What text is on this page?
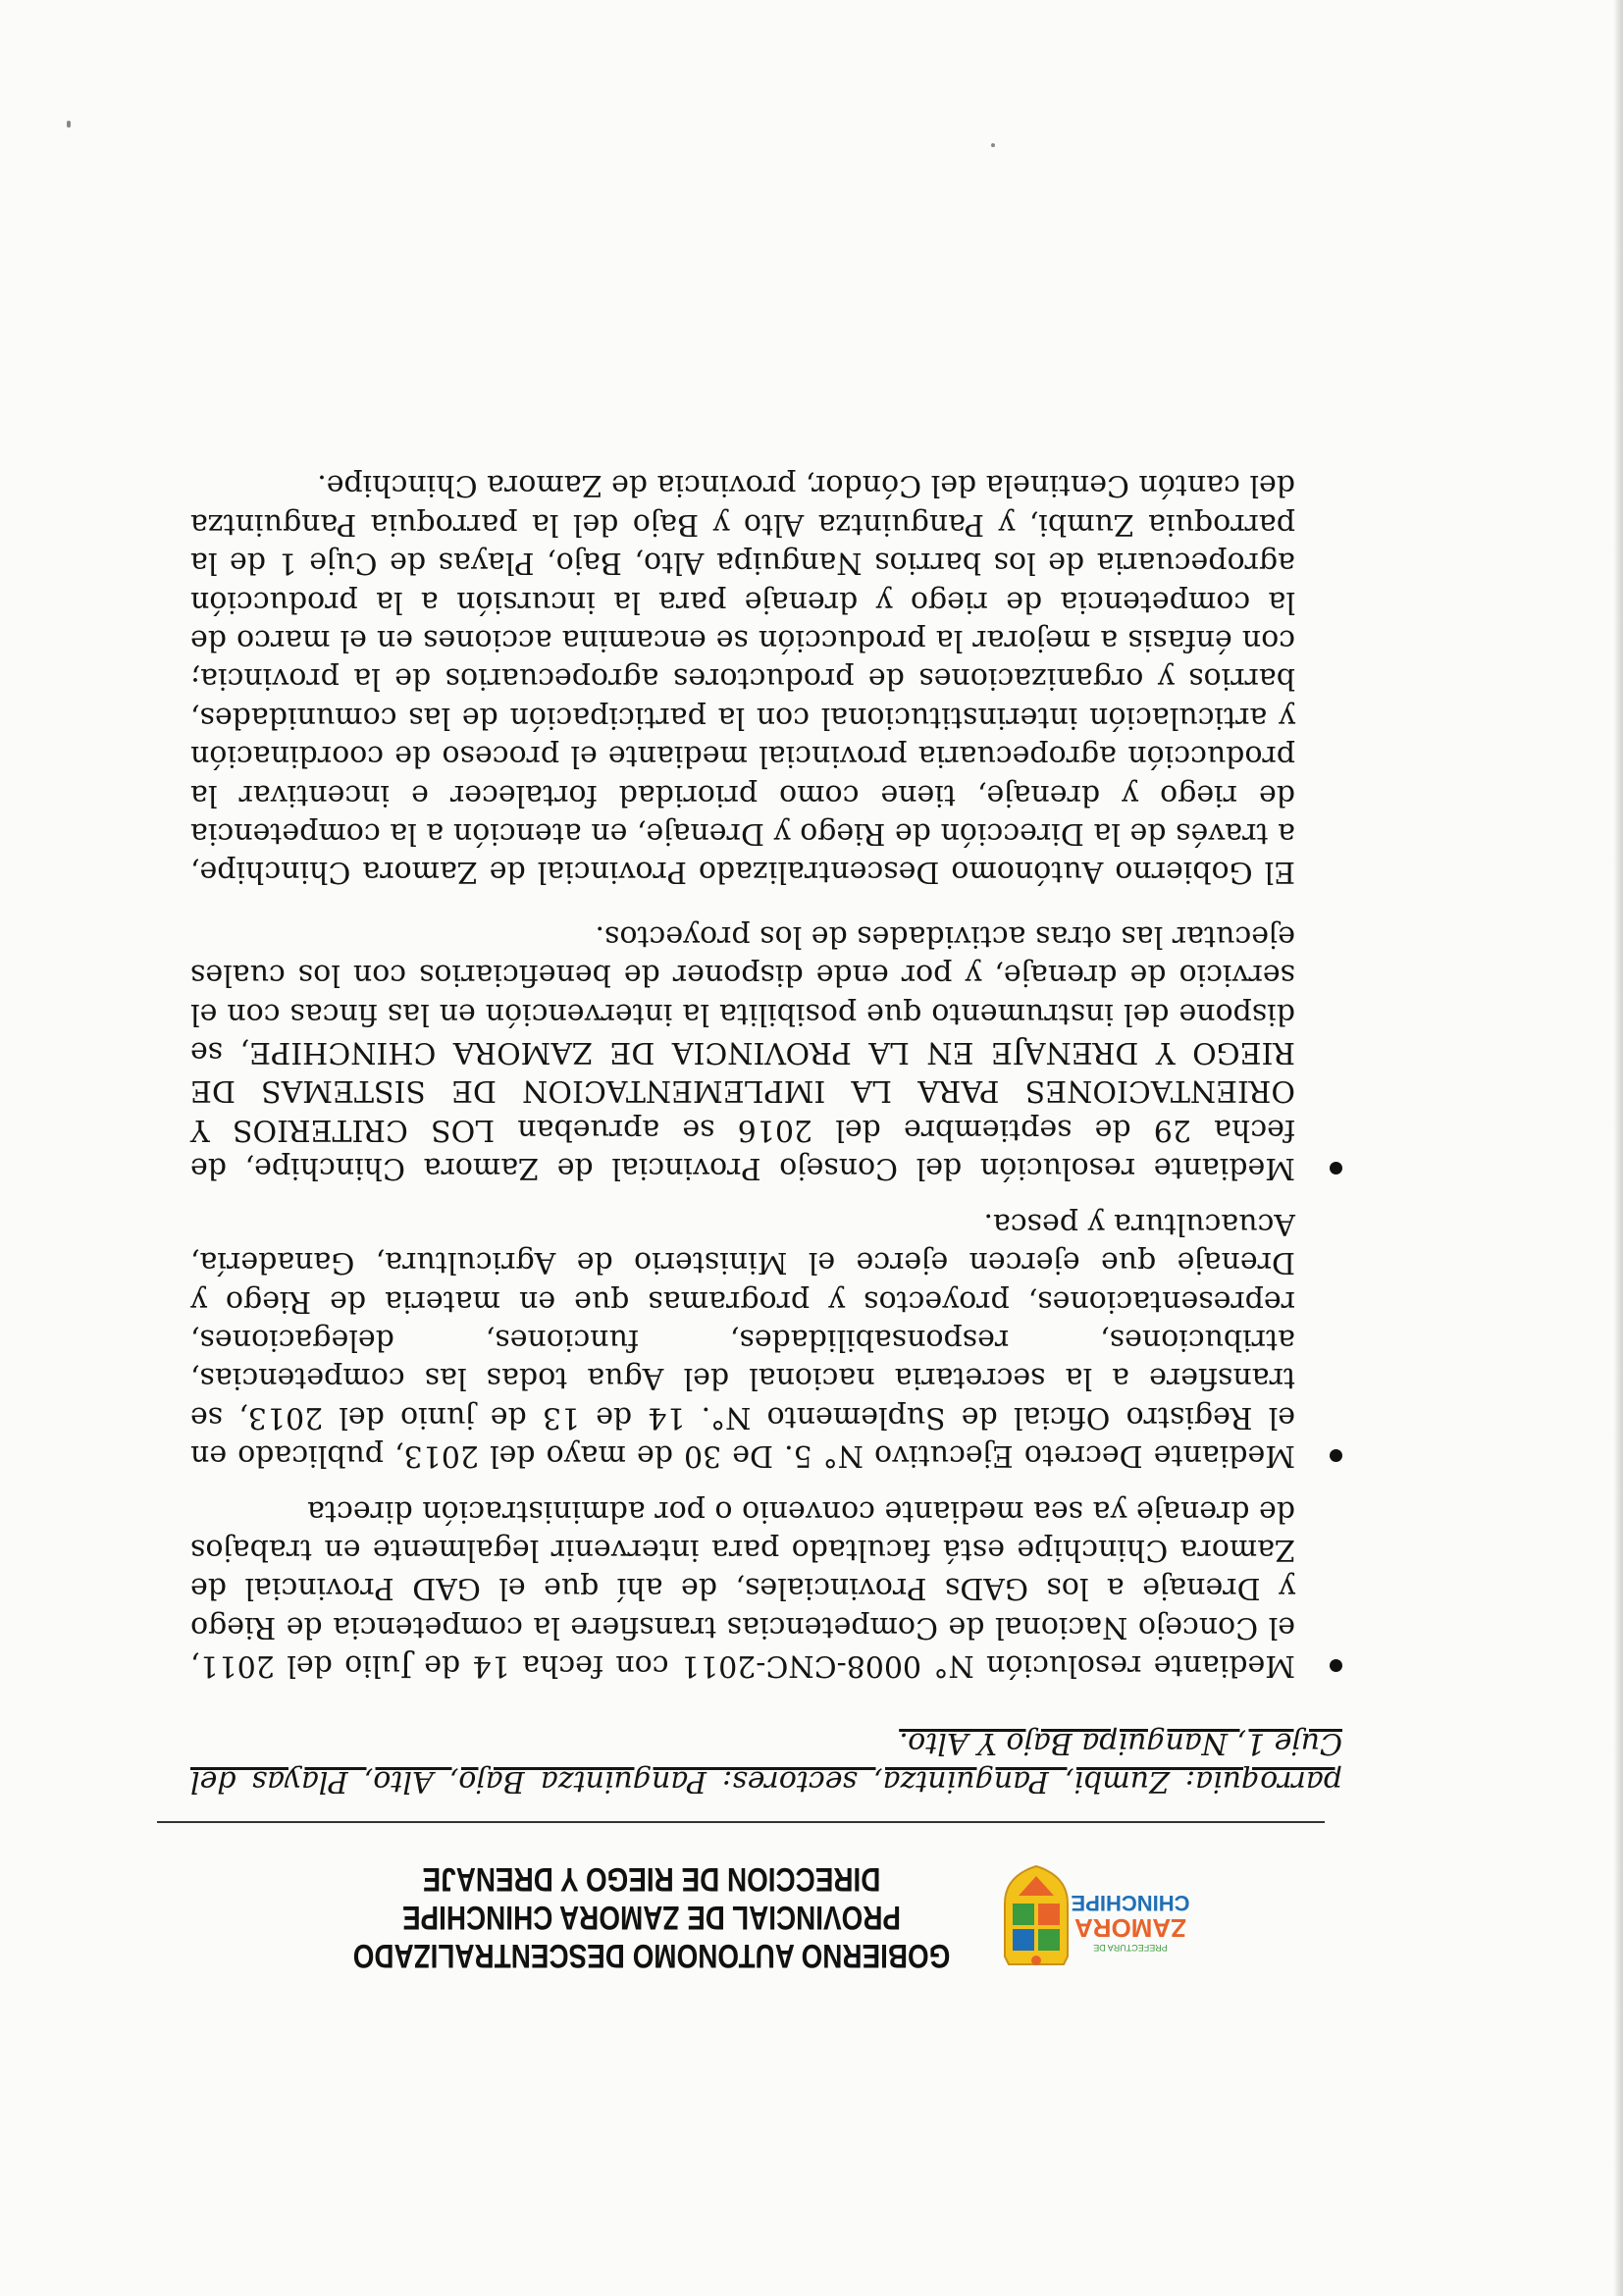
PREFECTURA DE
ZAMORA
CHINCHIPE
GOBIERNO AUTONOMO DESCENTRALIZADO
PROVINCIAL DE ZAMORA CHINCHIPE
DIRECCION DE RIEGO Y DRENAJE
parroquia: Zumbi, Panguintza, sectores: Panguintza Bajo, Alto, Playas del Cuje 1, Nanguipa Bajo Y Alto.
Mediante resolución N° 0008-CNC-2011 con fecha 14 de Julio del 2011, el Concejo Nacional de Competencias transfiere la competencia de Riego y Drenaje a los GADs Provinciales, de ahí que el GAD Provincial de Zamora Chinchipe está facultado para intervenir legalmente en trabajos de drenaje ya sea mediante convenio o por administración directa
Mediante Decreto Ejecutivo N° 5. De 30 de mayo del 2013, publicado en el Registro Oficial de Suplemento N°. 14 de 13 de junio del 2013, se transfiere a la secretaria nacional del Agua todas las competencias, atribuciones, responsabilidades, funciones, delegaciones, representaciones, proyectos y programas que en materia de Riego y Drenaje que ejercen ejerce el Ministerio de Agricultura, Ganadería, Acuacultura y pesca.
Mediante resolución del Consejo Provincial de Zamora Chinchipe, de fecha 29 de septiembre del 2016 se aprueban LOS CRITERIOS Y ORIENTACIONES PARA LA IMPLEMENTACION DE SISTEMAS DE RIEGO Y DRENAJE EN LA PROVINCIA DE ZAMORA CHINCHIPE, se dispone del instrumento que posibilita la intervención en las fincas con el servicio de drenaje, y por ende disponer de beneficiarios con los cuales ejecutar las otras actividades de los proyectos.
El Gobierno Autónomo Descentralizado Provincial de Zamora Chinchipe, a través de la Dirección de Riego y Drenaje, en atención a la competencia de riego y drenaje, tiene como prioridad fortalecer e incentivar la producción agropecuaria provincial mediante el proceso de coordinación y articulación interinstitucional con la participación de las comunidades, barrios y organizaciones de productores agropecuarios de la provincia; con énfasis a mejorar la producción se encamina acciones en el marco de la competencia de riego y drenaje para la incursión a la producción agropecuaria de los barrios Nanguipa Alto, Bajo, Playas de Cuje 1 de la parroquia Zumbi, y Panguintza Alto y Bajo del la parroquia Panguintza del cantón Centinela del Cóndor, provincia de Zamora Chinchipe.
